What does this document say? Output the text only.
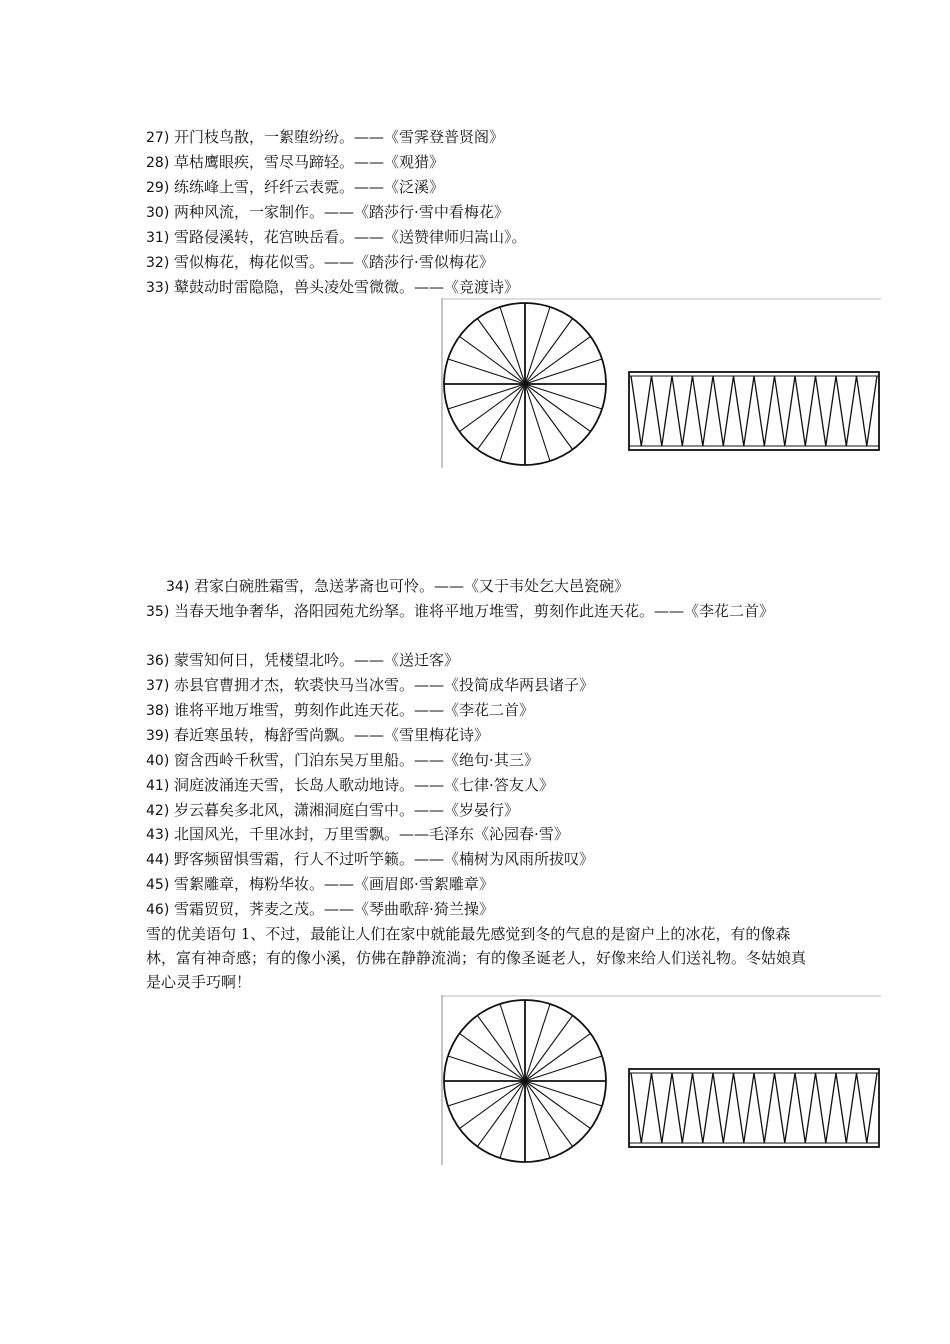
27) 开门枝鸟散，一絮堕纷纷。——《雪霁登普贤阁》
28) 草枯鹰眼疾，雪尽马蹄轻。——《观猎》
29) 练练峰上雪，纤纤云表霓。——《泛溪》
30) 两种风流，一家制作。——《踏莎行·雪中看梅花》
31) 雪路侵溪转，花宫映岳看。——《送赞律师归嵩山》。
32) 雪似梅花，梅花似雪。——《踏莎行·雪似梅花》
33) 鼙鼓动时雷隐隐，兽头凌处雪微微。——《竞渡诗》
34) 君家白碗胜霜雪，急送茅斋也可怜。——《又于韦处乞大邑瓷碗》
35) 当春天地争奢华，洛阳园苑尤纷拏。谁将平地万堆雪，剪刻作此连天花。——《李花二首》
36) 蒙雪知何日，凭楼望北吟。——《送迁客》
37) 赤县官曹拥才杰，软裘快马当冰雪。——《投简成华两县诸子》
38) 谁将平地万堆雪，剪刻作此连天花。——《李花二首》
39) 春近寒虽转，梅舒雪尚飘。——《雪里梅花诗》
40) 窗含西岭千秋雪，门泊东吴万里船。——《绝句·其三》
41) 洞庭波涌连天雪，长岛人歌动地诗。——《七律·答友人》
42) 岁云暮矣多北风，潇湘洞庭白雪中。——《岁晏行》
43) 北国风光，千里冰封，万里雪飘。——毛泽东《沁园春·雪》
44) 野客频留惧雪霜，行人不过听竽籁。——《楠树为风雨所拔叹》
45) 雪絮雕章，梅粉华妆。——《画眉郎·雪絮雕章》
46) 雪霜贸贸，荠麦之茂。——《琴曲歌辞·猗兰操》
雪的优美语句 1、不过，最能让人们在家中就能最先感觉到冬的气息的是窗户上的冰花，有的像森林，富有神奇感；有的像小溪，仿佛在静静流淌；有的像圣诞老人，好像来给人们送礼物。冬姑娘真是心灵手巧啊！
